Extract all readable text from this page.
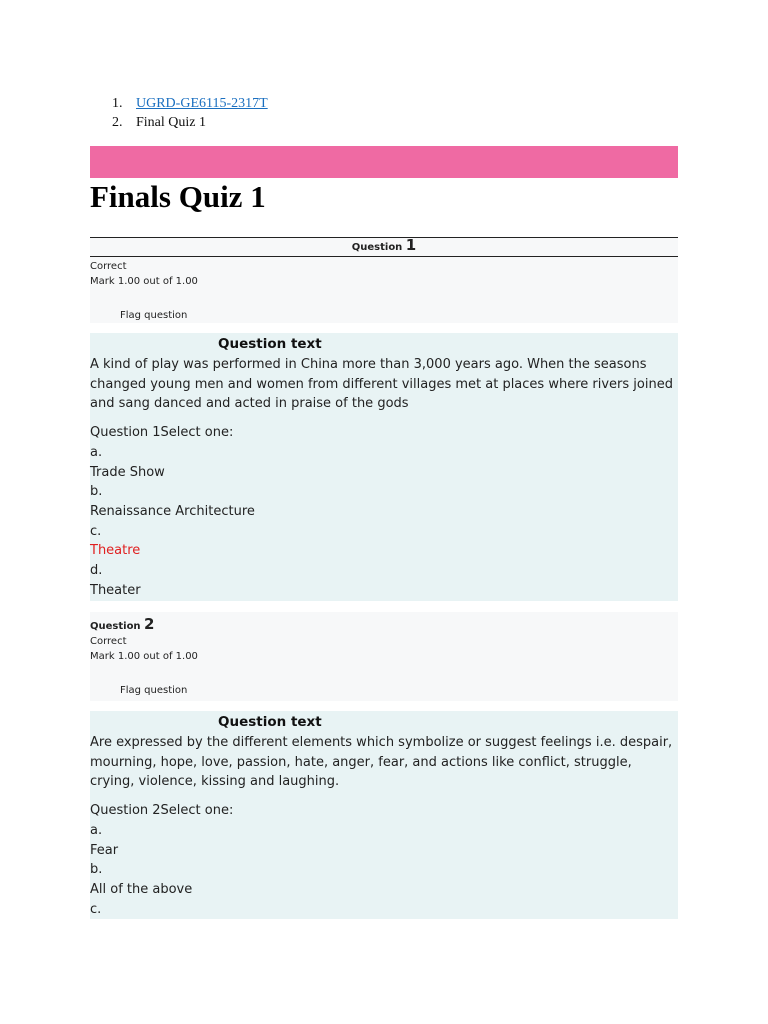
1. UGRD-GE6115-2317T
2. Final Quiz 1
Finals Quiz 1
Question 1
Correct
Mark 1.00 out of 1.00
Flag question
Question text
A kind of play was performed in China more than 3,000 years ago. When the seasons changed young men and women from different villages met at places where rivers joined and sang danced and acted in praise of the gods
Question 1Select one:
a.
Trade Show
b.
Renaissance Architecture
c.
Theatre
d.
Theater
Question 2
Correct
Mark 1.00 out of 1.00
Flag question
Question text
Are expressed by the different elements which symbolize or suggest feelings i.e. despair, mourning, hope, love, passion, hate, anger, fear, and actions like conflict, struggle, crying, violence, kissing and laughing.
Question 2Select one:
a.
Fear
b.
All of the above
c.
